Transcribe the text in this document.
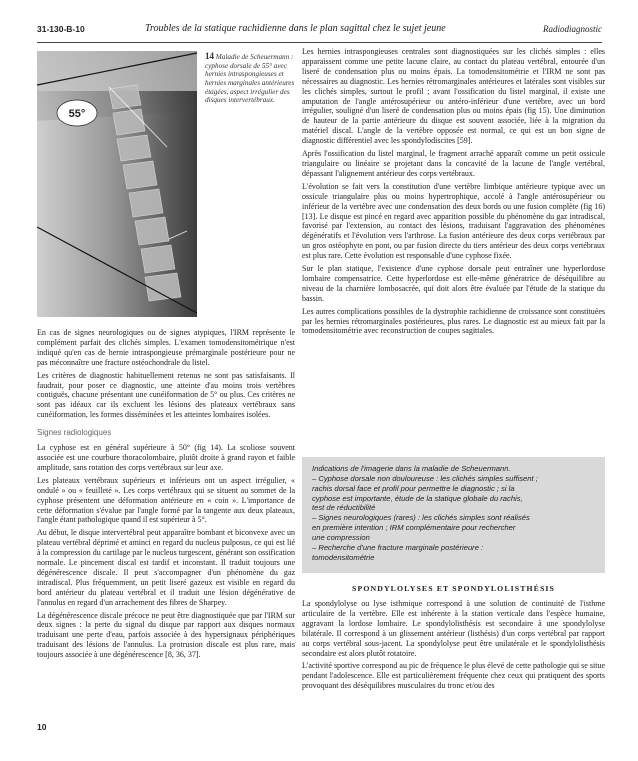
31-130-B-10	Troubles de la statique rachidienne dans le plan sagittal chez le sujet jeune	Radiodiagnostic
55°
14 Maladie de Scheuermann : cyphose dorsale de 55° avec hernies intraspongieuses et hernies marginales antérieures étagées, aspect irrégulier des disques intervertébraux.

En cas de signes neurologiques ou de signes atypiques, l'IRM représente le complément parfait des clichés simples. L'examen tomodensitométrique n'est indiqué qu'en cas de hernie intraspongieuse prémarginale postérieure pour ne pas méconnaître une fracture ostéochondrale du listel.

Les critères de diagnostic habituellement retenus ne sont pas satisfaisants. Il faudrait, pour poser ce diagnostic, une atteinte d'au moins trois vertèbres contiguës, chacune présentant une cunéiformation de 5° ou plus. Ces critères ne sont pas idéaux car ils excluent les lésions des plateaux vertébraux sans cunéiformation, les formes disséminées et les atteintes lombaires isolées.

Signes radiologiques

La cyphose est en général supérieure à 50° (fig 14). La scoliose souvent associée est une courbure thoracolombaire, plutôt droite à grand rayon et faible amplitude, sans rotation des corps vertébraux sur leur axe.

Les plateaux vertébraux supérieurs et inférieurs ont un aspect irrégulier, « ondulé » ou « feuilleté ». Les corps vertébraux qui se situent au sommet de la cyphose présentent une déformation antérieure en « coin ». L'importance de cette déformation s'évalue par l'angle formé par la tangente aux deux plateaux, l'angle étant pathologique quand il est supérieur à 5°.

Au début, le disque intervertébral peut apparaître bombant et biconvexe avec un plateau vertébral déprimé et aminci en regard du nucleus pulposus, ce qui est lié à la compression du cartilage par le nucleus turgescent, générant son ossification normale. Le pincement discal est tardif et inconstant. Il traduit toujours une dégénérescence discale. Il peut s'accompagner d'un phénomène du gaz intradiscal. Plus fréquemment, un petit liseré gazeux est visible en regard du bord antérieur du plateau vertébral et il traduit une lésion dégénérative de l'annulus en regard d'un arrachement des fibres de Sharpey.

La dégénérescence discale précoce ne peut être diagnostiquée que par l'IRM sur deux signes : la perte du signal du disque par rapport aux disques normaux traduisant une perte d'eau, parfois associée à des hypersignaux périphériques traduisant des lésions de l'annulus. La protrusion discale est plus rare, mais toujours associée à une dégénérescence [8, 36, 37].

Les hernies intraspongieuses centrales sont diagnostiquées sur les clichés simples : elles apparaissent comme une petite lacune claire, au contact du plateau vertébral, entourée d'un liseré de condensation plus ou moins épais. La tomodensitométrie et l'IRM ne sont pas nécessaires au diagnostic. Les hernies rétromarginales antérieures et latérales sont visibles sur les clichés simples, surtout le profil ; avant l'ossification du listel marginal, il existe une amputation de l'angle antérosupérieur ou antéro-inférieur d'une vertèbre, avec un bord irrégulier, souligné d'un liseré de condensation plus ou moins épais (fig 15). Une diminution de hauteur de la partie antérieure du disque est souvent associée, liée à la migration du matériel discal. L'angle de la vertèbre opposée est normal, ce qui est un bon signe de diagnostic différentiel avec les spondylodiscites [59].

Après l'ossification du listel marginal, le fragment arraché apparaît comme un petit ossicule triangulaire ou linéaire se projetant dans la concavité de la lacune de l'angle vertébral, dépassant l'alignement antérieur des corps vertébraux.

L'évolution se fait vers la constitution d'une vertèbre limbique antérieure typique avec un ossicule triangulaire plus ou moins hypertrophique, accolé à l'angle antérosupérieur ou inférieur de la vertèbre avec une condensation des deux bords ou une fusion complète (fig 16) [13]. Le disque est pincé en regard avec apparition possible du phénomène du gaz intradiscal, favorisé par l'extension, au contact des lésions, traduisant l'aggravation des phénomènes dégénératifs et l'évolution vers l'arthrose. La fusion antérieure des deux corps vertébraux par un gros ostéophyte en pont, ou par fusion directe du tiers antérieur des deux corps vertébraux est plus rare. Cette évolution est responsable d'une cyphose fixée.

Sur le plan statique, l'existence d'une cyphose dorsale peut entraîner une hyperlordose lombaire compensatrice. Cette hyperlordose est elle-même génératrice de déséquilibre au niveau de la charnière lombosacrée, qui doit alors être évaluée par l'étude de la statique du bassin.

Les autres complications possibles de la dystrophie rachidienne de croissance sont constituées par les hernies rétromarginales postérieures, plus rares. Le diagnostic est au mieux fait par la tomodensitométrie avec reconstruction de coupes sagittales.

Indications de l'imagerie dans la maladie de Scheuermann.
– Cyphose dorsale non douloureuse : les clichés simples suffisent ;
rachis dorsal face et profil pour permettre le diagnostic ; si la
cyphose est importante, étude de la statique globale du rachis,
test de réductibilité
– Signes neurologiques (rares) : les clichés simples sont réalisés
en première intention ; IRM complémentaire pour rechercher
une compression
– Recherche d'une fracture marginale postérieure :
tomodensitométrie
SPONDYLOLYSES ET SPONDYLOLISTHÉSIS

La spondylolyse ou lyse isthmique correspond à une solution de continuité de l'isthme articulaire de la vertèbre. Elle est inhérente à la station verticale dans l'espèce humaine, aggravant la lordose lombaire. Le spondylolisthésis est secondaire à une spondylolyse bilatérale. Il correspond à un glissement antérieur (listhésis) d'un corps vertébral par rapport au corps vertébral sous-jacent. La spondylolyse peut être unilatérale et le spondylolisthésis secondaire est alors plutôt rotatoire.

L'activité sportive correspond au pic de fréquence le plus élevé de cette pathologie qui se situe pendant l'adolescence. Elle est particulièrement fréquente chez ceux qui pratiquent des sports provoquant des déséquilibres musculaires du tronc et/ou des

10
